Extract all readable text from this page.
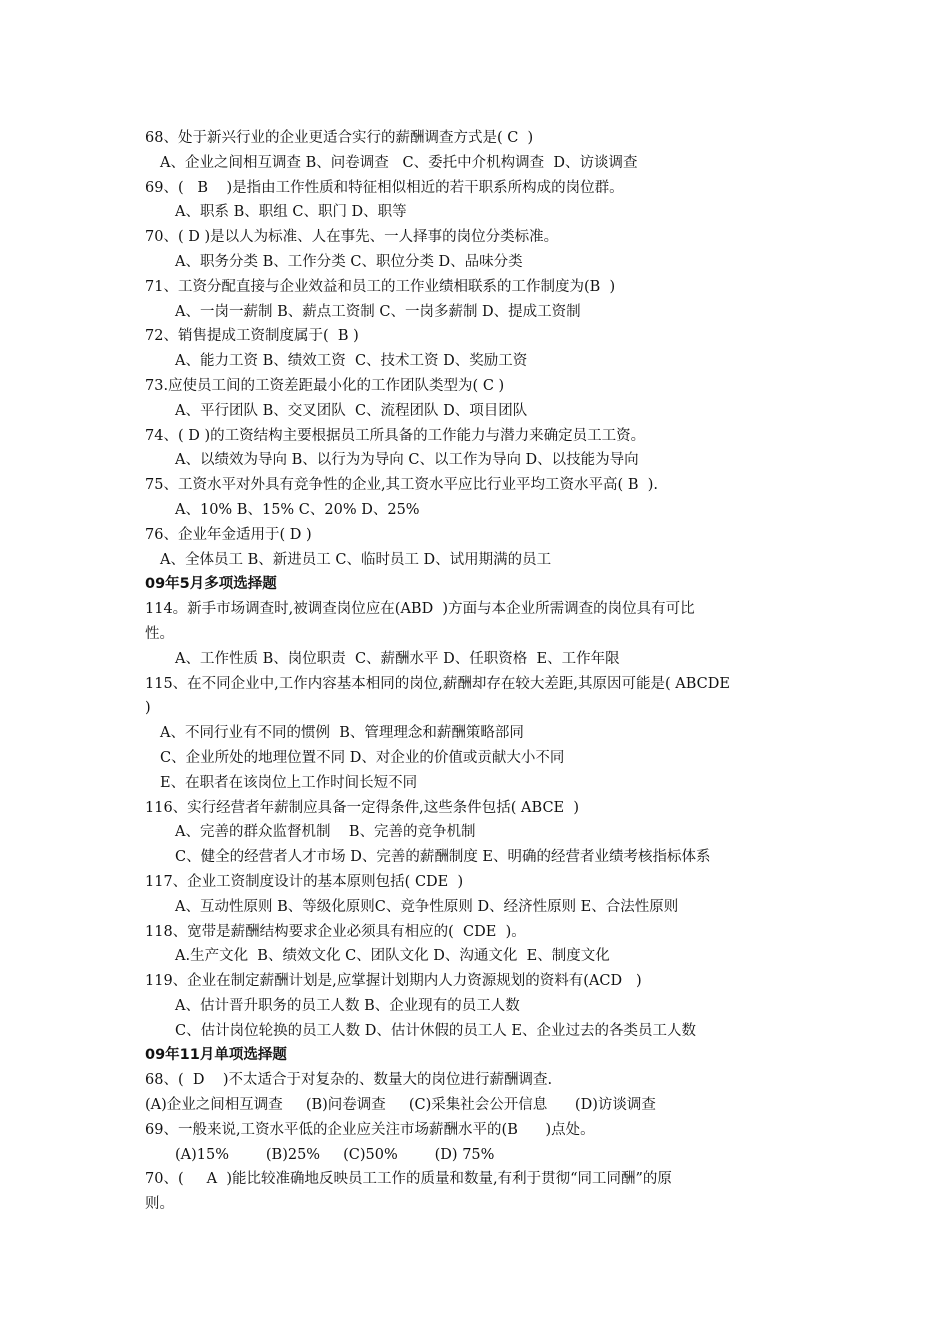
68、处于新兴行业的企业更适合实行的薪酬调查方式是( C  )
A、企业之间相互调查 B、问卷调查   C、委托中介机构调查  D、访谈调查
69、(   B    )是指由工作性质和特征相似相近的若干职系所构成的岗位群。
A、职系 B、职组 C、职门 D、职等
70、( D )是以人为标准、人在事先、一人择事的岗位分类标准。
A、职务分类 B、工作分类 C、职位分类 D、品味分类
71、工资分配直接与企业效益和员工的工作业绩相联系的工作制度为(B  )
A、一岗一薪制 B、薪点工资制 C、一岗多薪制 D、提成工资制
72、销售提成工资制度属于(  B )
A、能力工资 B、绩效工资  C、技术工资 D、奖励工资
73.应使员工间的工资差距最小化的工作团队类型为( C )
A、平行团队 B、交叉团队  C、流程团队 D、项目团队
74、( D )的工资结构主要根据员工所具备的工作能力与潜力来确定员工工资。
A、以绩效为导向 B、以行为为导向 C、以工作为导向 D、以技能为导向
75、工资水平对外具有竞争性的企业,其工资水平应比行业平均工资水平高( B  ).
A、10% B、15% C、20% D、25%
76、企业年金适用于( D )
A、全体员工 B、新进员工 C、临时员工 D、试用期满的员工
09年5月多项选择题
114。新手市场调查时,被调查岗位应在(ABD  )方面与本企业所需调查的岗位具有可比
性。
A、工作性质 B、岗位职责  C、薪酬水平 D、任职资格  E、工作年限
115、在不同企业中,工作内容基本相同的岗位,薪酬却存在较大差距,其原因可能是( ABCDE
)
A、不同行业有不同的惯例  B、管理理念和薪酬策略部同
C、企业所处的地理位置不同 D、对企业的价值或贡献大小不同
E、在职者在该岗位上工作时间长短不同
116、实行经营者年薪制应具备一定得条件,这些条件包括( ABCE  )
A、完善的群众监督机制    B、完善的竞争机制
C、健全的经营者人才市场 D、完善的薪酬制度 E、明确的经营者业绩考核指标体系
117、企业工资制度设计的基本原则包括( CDE  )
A、互动性原则 B、等级化原则C、竞争性原则 D、经济性原则 E、合法性原则
118、宽带是薪酬结构要求企业必须具有相应的(  CDE  )。
A.生产文化  B、绩效文化 C、团队文化 D、沟通文化  E、制度文化
119、企业在制定薪酬计划是,应掌握计划期内人力资源规划的资料有(ACD   )
A、估计晋升职务的员工人数 B、企业现有的员工人数
C、估计岗位轮换的员工人数 D、估计休假的员工人 E、企业过去的各类员工人数
09年11月单项选择题
68、(  D    )不太适合于对复杂的、数量大的岗位进行薪酬调查.
(A)企业之间相互调查     (B)问卷调查     (C)采集社会公开信息      (D)访谈调查
69、一般来说,工资水平低的企业应关注市场薪酬水平的(B      )点处。
(A)15%        (B)25%     (C)50%        (D) 75%
70、(     A  )能比较准确地反映员工工作的质量和数量,有利于贯彻“同工同酬”的原
则。
